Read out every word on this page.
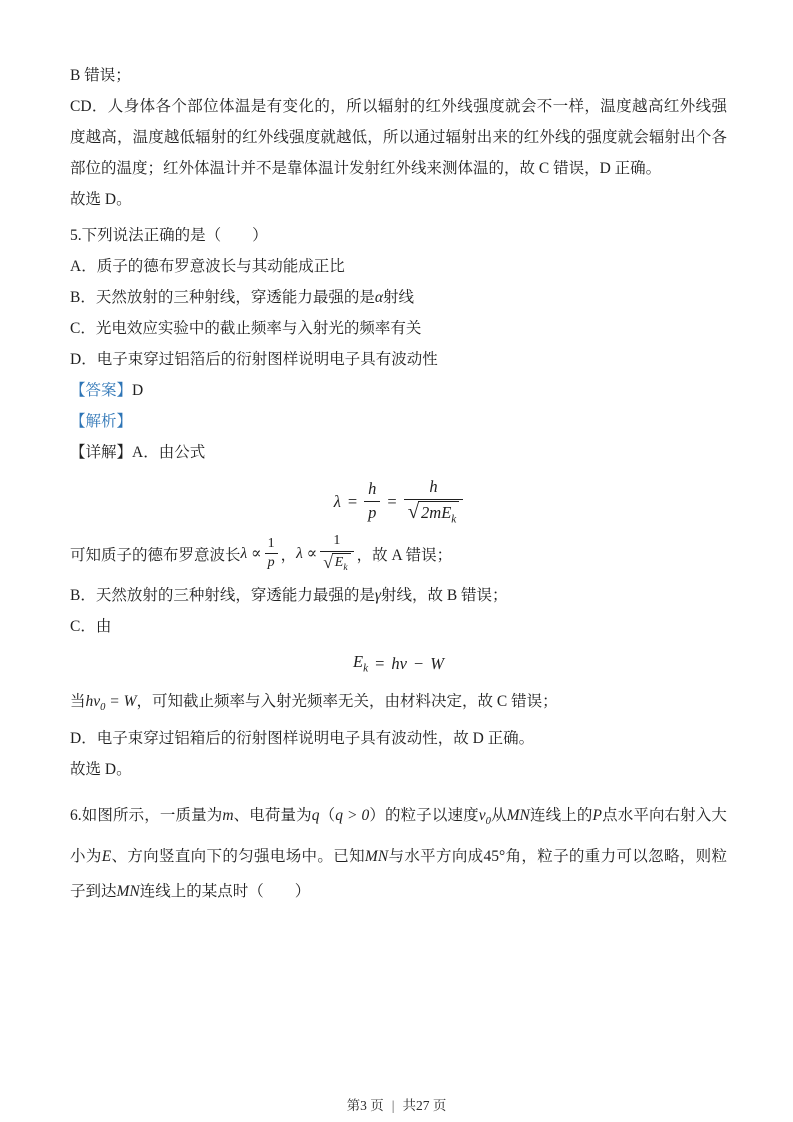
B 错误；

CD．人身体各个部位体温是有变化的，所以辐射的红外线强度就会不一样，温度越高红外线强度越高，温度越低辐射的红外线强度就越低，所以通过辐射出来的红外线的强度就会辐射出个各部位的温度；红外体温计并不是靠体温计发射红外线来测体温的，故 C 错误，D 正确。

故选 D。

5.下列说法正确的是（　　）

A．质子的德布罗意波长与其动能成正比

B．天然放射的三种射线，穿透能力最强的是α射线

C．光电效应实验中的截止频率与入射光的频率有关

D．电子束穿过铝箔后的衍射图样说明电子具有波动性

【答案】D

【解析】

【详解】A．由公式

$\lambda = \frac{h}{p} = \frac{h}{√ 2mE_k}$
可知质子的德布罗意波长 $\lambda \propto \frac{1}{p}$ ， $\lambda \propto \frac{1}{√ E_k}$ ，故 A 错误；

B．天然放射的三种射线，穿透能力最强的是γ射线，故 B 错误；

C．由

$E_k = h\nu - W$

当$h\nu_0 = W$，可知截止频率与入射光频率无关，由材料决定，故 C 错误；

D．电子束穿过铝箱后的衍射图样说明电子具有波动性，故 D 正确。

故选 D。

6.如图所示，一质量为m、电荷量为q（q > 0）的粒子以速度$v_0$从MN连线上的P点水平向右射入大小为E、方向竖直向下的匀强电场中。已知MN与水平方向成45°角，粒子的重力可以忽略，则粒子到达MN连线上的某点时（　　）

第3 页 | 共27 页
